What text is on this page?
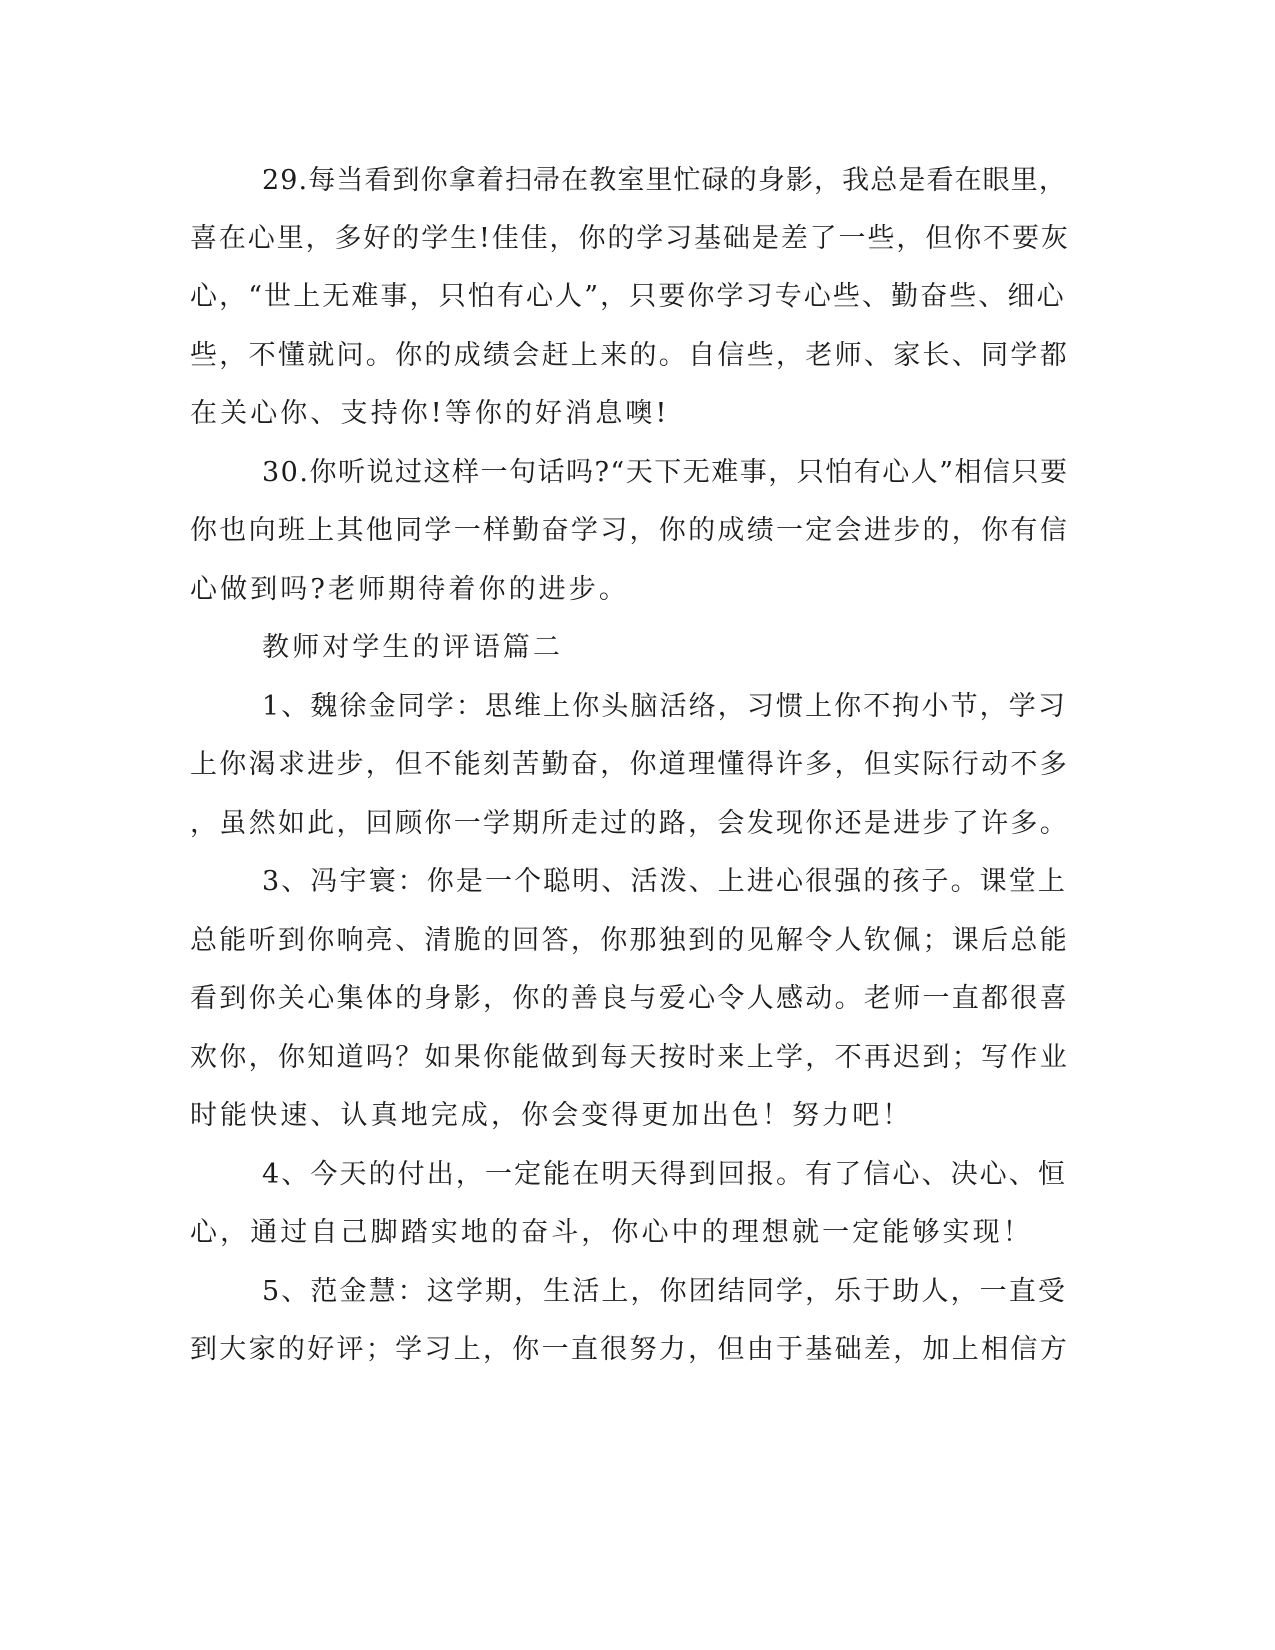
29.每当看到你拿着扫帚在教室里忙碌的身影，我总是看在眼里，
喜在心里，多好的学生!佳佳，你的学习基础是差了一些，但你不要灰
心，“世上无难事，只怕有心人”，只要你学习专心些、勤奋些、细心
些，不懂就问。你的成绩会赶上来的。自信些，老师、家长、同学都
在关心你、支持你!等你的好消息噢!
30.你听说过这样一句话吗?“天下无难事，只怕有心人”相信只要
你也向班上其他同学一样勤奋学习，你的成绩一定会进步的，你有信
心做到吗?老师期待着你的进步。
教师对学生的评语篇二
1、魏徐金同学：思维上你头脑活络，习惯上你不拘小节，学习
上你渴求进步，但不能刻苦勤奋，你道理懂得许多，但实际行动不多
，虽然如此，回顾你一学期所走过的路，会发现你还是进步了许多。
3、冯宇寰：你是一个聪明、活泼、上进心很强的孩子。课堂上
总能听到你响亮、清脆的回答，你那独到的见解令人钦佩；课后总能
看到你关心集体的身影，你的善良与爱心令人感动。老师一直都很喜
欢你，你知道吗？如果你能做到每天按时来上学，不再迟到；写作业
时能快速、认真地完成，你会变得更加出色！努力吧！
4、今天的付出，一定能在明天得到回报。有了信心、决心、恒
心，通过自己脚踏实地的奋斗，你心中的理想就一定能够实现！
5、范金慧：这学期，生活上，你团结同学，乐于助人，一直受
到大家的好评；学习上，你一直很努力，但由于基础差，加上相信方
